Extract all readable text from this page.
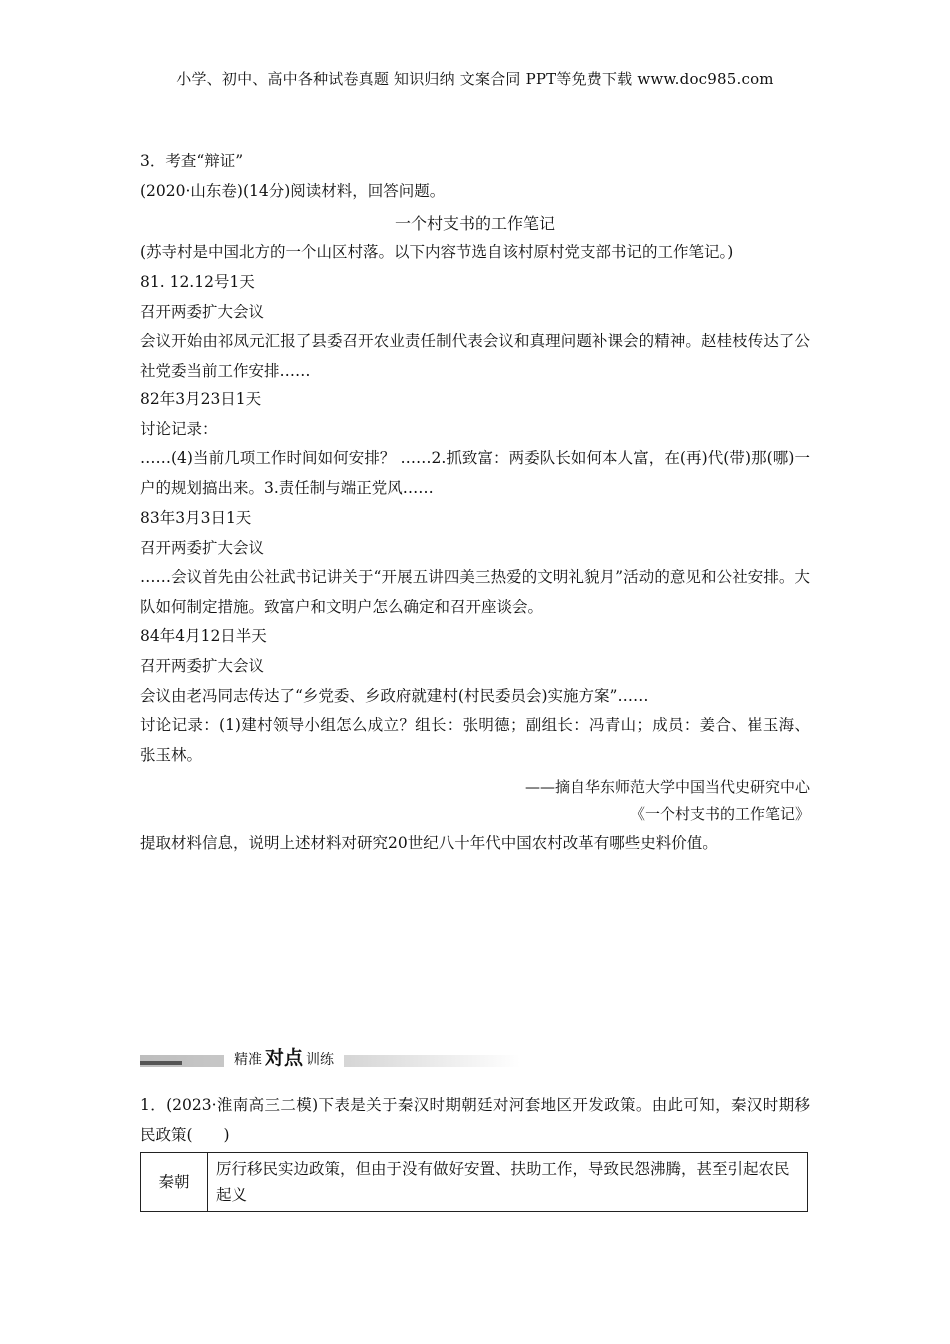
小学、初中、高中各种试卷真题 知识归纳 文案合同 PPT等免费下载 www.doc985.com
3．考查“辩证”
(2020·山东卷)(14分)阅读材料，回答问题。
一个村支书的工作笔记
(苏寺村是中国北方的一个山区村落。以下内容节选自该村原村党支部书记的工作笔记。)
81. 12.12号1天
召开两委扩大会议
会议开始由祁凤元汇报了县委召开农业责任制代表会议和真理问题补课会的精神。赵桂枝传达了公社党委当前工作安排……
82年3月23日1天
讨论记录：
……(4)当前几项工作时间如何安排？ ……2.抓致富：两委队长如何本人富，在(再)代(带)那(哪)一户的规划搞出来。3.责任制与端正党风……
83年3月3日1天
召开两委扩大会议
……会议首先由公社武书记讲关于“开展五讲四美三热爱的文明礼貌月”活动的意见和公社安排。大队如何制定措施。致富户和文明户怎么确定和召开座谈会。
84年4月12日半天
召开两委扩大会议
会议由老冯同志传达了“乡党委、乡政府就建村(村民委员会)实施方案”……
讨论记录：(1)建村领导小组怎么成立？组长：张明德；副组长：冯青山；成员：姜合、崔玉海、张玉林。
——摘自华东师范大学中国当代史研究中心
《一个村支书的工作笔记》
提取材料信息，说明上述材料对研究20世纪八十年代中国农村改革有哪些史料价值。
精准 对点 训练
1．(2023·淮南高三二模)下表是关于秦汉时期朝廷对河套地区开发政策。由此可知，秦汉时期移民政策(　　)
秦朝	厉行移民实边政策，但由于没有做好安置、扶助工作，导致民怨沸腾，甚至引起农民起义
